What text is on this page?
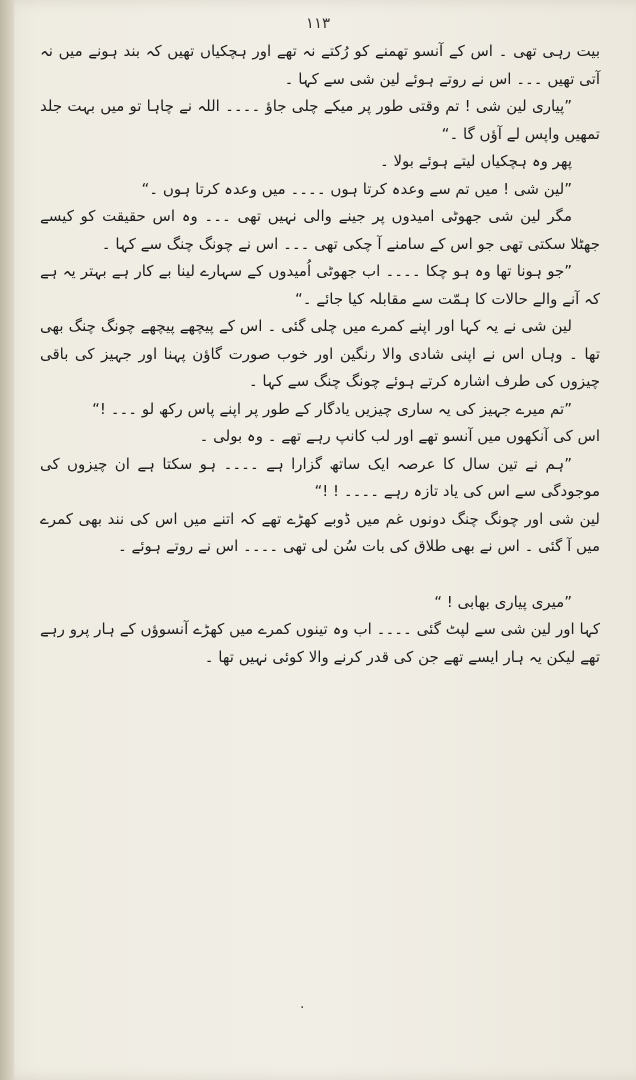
١١٣

بیت رہی تھی ۔ اس کے آنسو تھمنے کو رُکتے نہ تھے اور ہچکیاں تھیں کہ بند ہونے میں نہ آتی تھیں ۔۔۔ اس نے روتے ہوئے لین شی سے کہا ۔

”پیاری لین شی ! تم وقتی طور پر میکے چلی جاؤ ۔۔۔۔ اللہ نے چاہا تو میں بہت جلد تمھیں واپس لے آؤں گا ۔“

پھر وہ ہچکیاں لیتے ہوئے بولا ۔

”لین شی ! میں تم سے وعدہ کرتا ہوں ۔۔۔۔ میں وعدہ کرتا ہوں ۔“

مگر لین شی جھوٹی امیدوں پر جینے والی نہیں تھی ۔۔۔ وہ اس حقیقت کو کیسے جھٹلا سکتی تھی جو اس کے سامنے آ چکی تھی ۔۔۔ اس نے چونگ چنگ سے کہا ۔

”جو ہونا تھا وہ ہو چکا ۔۔۔۔ اب جھوٹی اُمیدوں کے سہارے لینا بے کار ہے بہتر یہ ہے کہ آنے والے حالات کا ہمّت سے مقابلہ کیا جائے ۔“

لین شی نے یہ کہا اور اپنے کمرے میں چلی گئی ۔ اس کے پیچھے پیچھے چونگ چنگ بھی تھا ۔ وہاں اس نے اپنی شادی والا رنگین اور خوب صورت گاؤن پہنا اور جہیز کی باقی چیزوں کی طرف اشارہ کرتے ہوئے چونگ چنگ سے کہا ۔

”تم میرے جہیز کی یہ ساری چیزیں یادگار کے طور پر اپنے پاس رکھ لو ۔۔۔ !“

اس کی آنکھوں میں آنسو تھے اور لب کانپ رہے تھے ۔ وہ بولی ۔

”ہم نے تین سال کا عرصہ ایک ساتھ گزارا ہے ۔۔۔۔ ہو سکتا ہے ان چیزوں کی موجودگی سے اس کی یاد تازہ رہے ۔۔۔۔ ! !“

لین شی اور چونگ چنگ دونوں غم میں ڈوبے کھڑے تھے کہ اتنے میں اس کی نند بھی کمرے میں آ گئی ۔ اس نے بھی طلاق کی بات سُن لی تھی ۔۔۔۔ اس نے روتے ہوئے ۔

”میری پیاری بھابی ! “

کہا اور لین شی سے لپٹ گئی ۔۔۔۔ اب وہ تینوں کمرے میں کھڑے آنسوؤں کے ہار پرو رہے تھے لیکن یہ ہار ایسے تھے جن کی قدر کرنے والا کوئی نہیں تھا ۔

.
